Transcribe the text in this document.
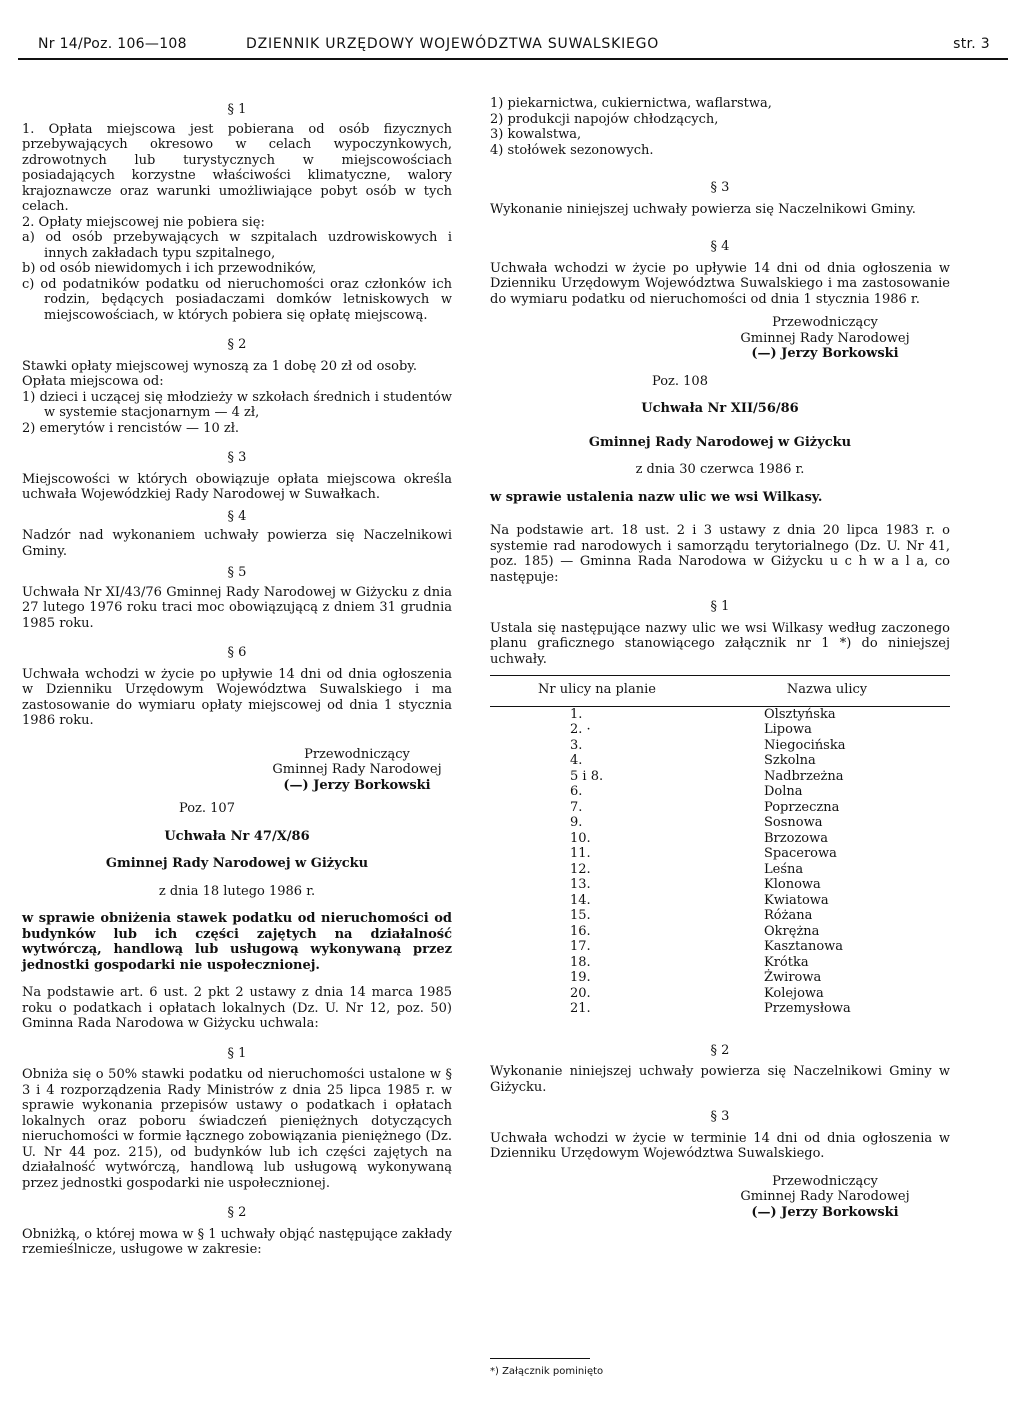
Nr 14/Poz. 106—108	DZIENNIK URZĘDOWY WOJEWÓDZTWA SUWALSKIEGO	str. 3
§ 1
1. Opłata miejscowa jest pobierana od osób fizycznych przebywających okresowo w celach wypoczynkowych, zdrowotnych lub turystycznych w miejscowościach posiadających korzystne właściwości klimatyczne, walory krajoznawcze oraz warunki umożliwiające pobyt osób w tych celach.
2. Opłaty miejscowej nie pobiera się:
a) od osób przebywających w szpitalach uzdrowiskowych i innych zakładach typu szpitalnego,
b) od osób niewidomych i ich przewodników,
c) od podatników podatku od nieruchomości oraz członków ich rodzin, będących posiadaczami domków letniskowych w miejscowościach, w których pobiera się opłatę miejscową.
§ 2
Stawki opłaty miejscowej wynoszą za 1 dobę 20 zł od osoby.
Opłata miejscowa od:
1) dzieci i uczącej się młodzieży w szkołach średnich i studentów w systemie stacjonarnym — 4 zł,
2) emerytów i rencistów — 10 zł.
§ 3
Miejscowości w których obowiązuje opłata miejscowa określa uchwała Wojewódzkiej Rady Narodowej w Suwałkach.
§ 4
Nadzór nad wykonaniem uchwały powierza się Naczelnikowi Gminy.
§ 5
Uchwała Nr XI/43/76 Gminnej Rady Narodowej w Giżycku z dnia 27 lutego 1976 roku traci moc obowiązującą z dniem 31 grudnia 1985 roku.
§ 6
Uchwała wchodzi w życie po upływie 14 dni od dnia ogłoszenia w Dzienniku Urzędowym Województwa Suwalskiego i ma zastosowanie do wymiaru opłaty miejscowej od dnia 1 stycznia 1986 roku.
Przewodniczący
Gminnej Rady Narodowej
(—) Jerzy Borkowski
Poz. 107
Uchwała Nr 47/X/86
Gminnej Rady Narodowej w Giżycku
z dnia 18 lutego 1986 r.
w sprawie obniżenia stawek podatku od nieruchomości od budynków lub ich części zajętych na działalność wytwórczą, handlową lub usługową wykonywaną przez jednostki gospodarki nie uspołecznionej.
Na podstawie art. 6 ust. 2 pkt 2 ustawy z dnia 14 marca 1985 roku o podatkach i opłatach lokalnych (Dz. U. Nr 12, poz. 50) Gminna Rada Narodowa w Giżycku uchwala:
§ 1
Obniża się o 50% stawki podatku od nieruchomości ustalone w § 3 i 4 rozporządzenia Rady Ministrów z dnia 25 lipca 1985 r. w sprawie wykonania przepisów ustawy o podatkach i opłatach lokalnych oraz poboru świadczeń pieniężnych dotyczących nieruchomości w formie łącznego zobowiązania pieniężnego (Dz. U. Nr 44 poz. 215), od budynków lub ich części zajętych na działalność wytwórczą, handlową lub usługową wykonywaną przez jednostki gospodarki nie uspołecznionej.
§ 2
Obniżką, o której mowa w § 1 uchwały objąć następujące zakłady rzemieślnicze, usługowe w zakresie:
1) piekarnictwa, cukiernictwa, waflarstwa,
2) produkcji napojów chłodzących,
3) kowalstwa,
4) stołówek sezonowych.
§ 3
Wykonanie niniejszej uchwały powierza się Naczelnikowi Gminy.
§ 4
Uchwała wchodzi w życie po upływie 14 dni od dnia ogłoszenia w Dzienniku Urzędowym Województwa Suwalskiego i ma zastosowanie do wymiaru podatku od nieruchomości od dnia 1 stycznia 1986 r.
Przewodniczący
Gminnej Rady Narodowej
(—) Jerzy Borkowski
Poz. 108
Uchwała Nr XII/56/86
Gminnej Rady Narodowej w Giżycku
z dnia 30 czerwca 1986 r.
w sprawie ustalenia nazw ulic we wsi Wilkasy.
Na podstawie art. 18 ust. 2 i 3 ustawy z dnia 20 lipca 1983 r. o systemie rad narodowych i samorządu terytorialnego (Dz. U. Nr 41, poz. 185) — Gminna Rada Narodowa w Giżycku u c h w a l a, co następuje:
§ 1
Ustala się następujące nazwy ulic we wsi Wilkasy według zaczonego planu graficznego stanowiącego załącznik nr 1 *) do niniejszej uchwały.
Nr ulicy na planie	Nazwa ulicy
1.	Olsztyńska
2. ·	Lipowa
3.	Niegocińska
4.	Szkolna
5 i 8.	Nadbrzeżna
6.	Dolna
7.	Poprzeczna
9.	Sosnowa
10.	Brzozowa
11.	Spacerowa
12.	Leśna
13.	Klonowa
14.	Kwiatowa
15.	Różana
16.	Okrężna
17.	Kasztanowa
18.	Krótka
19.	Żwirowa
20.	Kolejowa
21.	Przemysłowa
§ 2
Wykonanie niniejszej uchwały powierza się Naczelnikowi Gminy w Giżycku.
§ 3
Uchwała wchodzi w życie w terminie 14 dni od dnia ogłoszenia w Dzienniku Urzędowym Województwa Suwalskiego.
Przewodniczący
Gminnej Rady Narodowej
(—) Jerzy Borkowski
*) Załącznik pominięto
